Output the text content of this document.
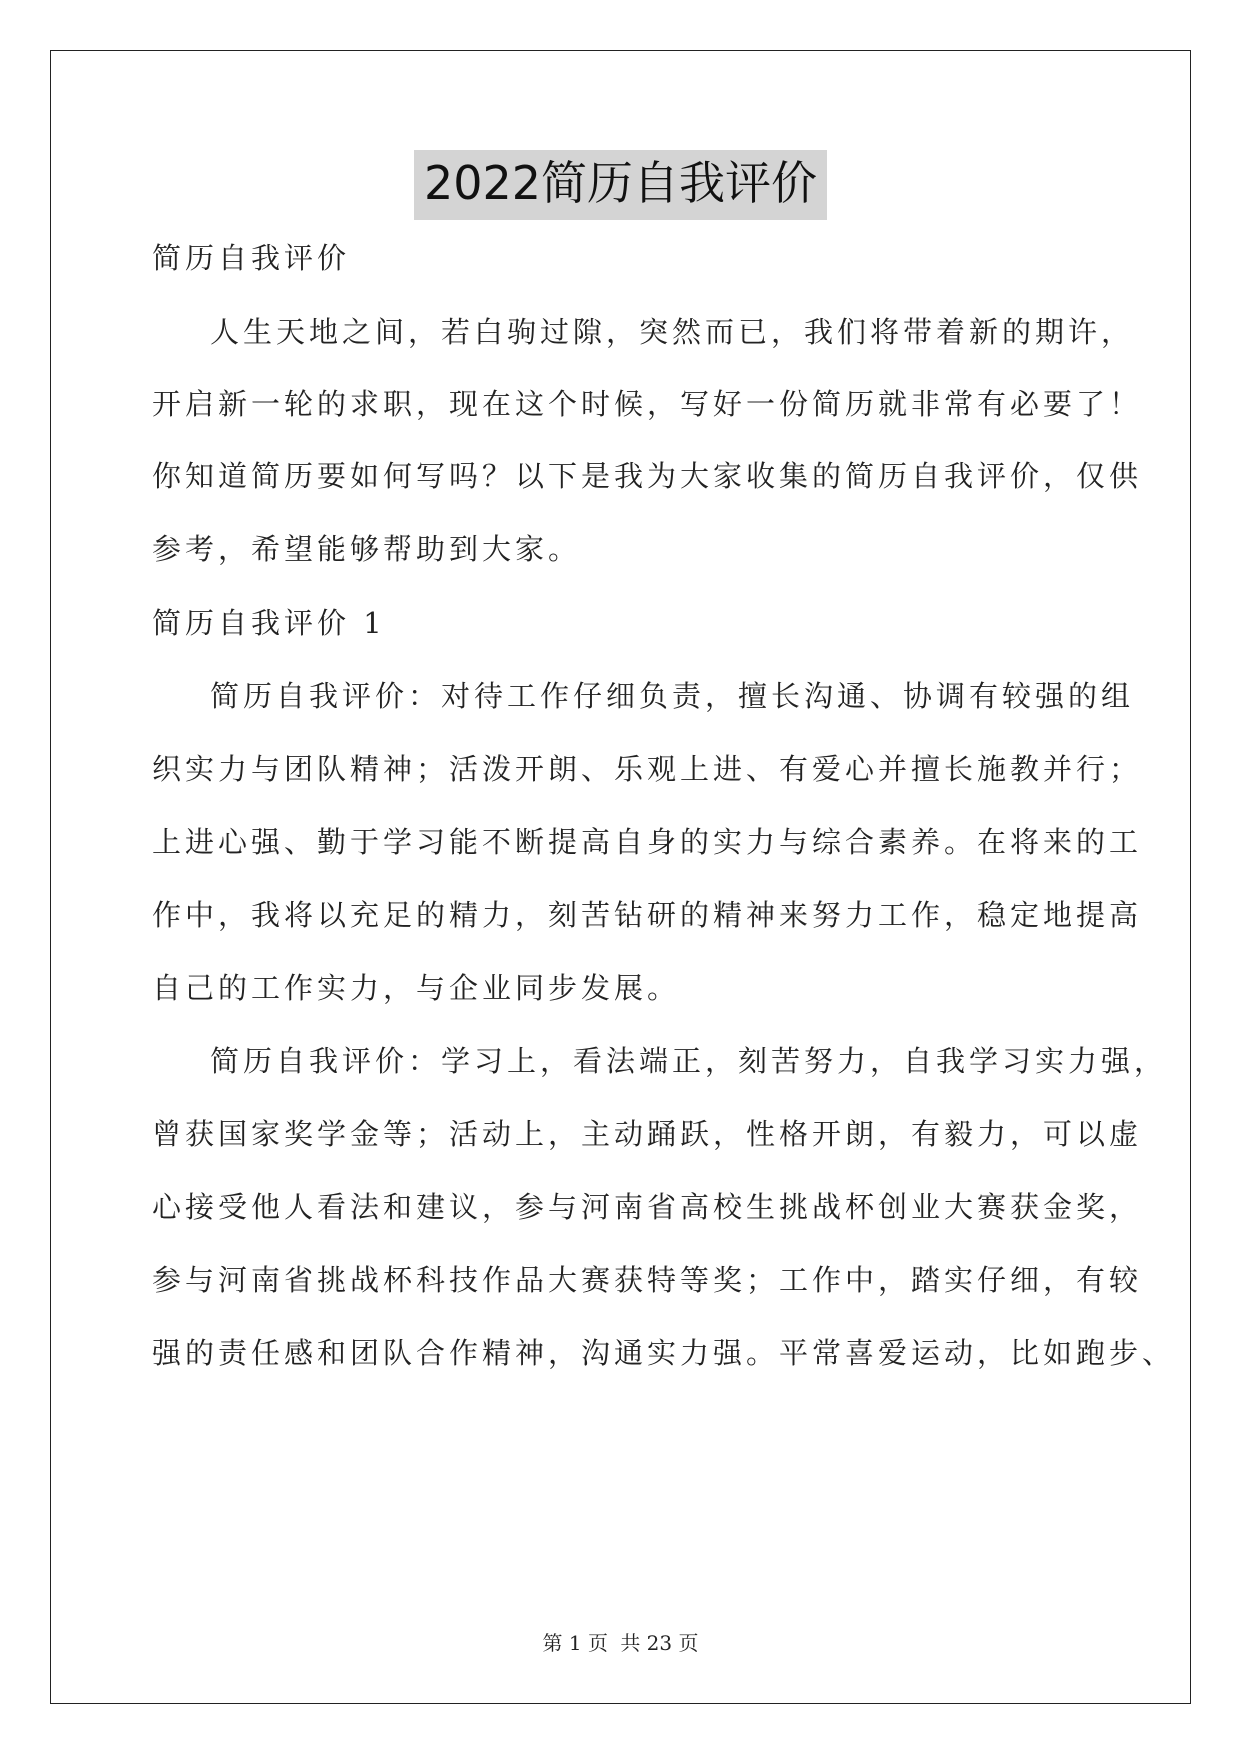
2022简历自我评价
简历自我评价
人生天地之间，若白驹过隙，突然而已，我们将带着新的期许，
开启新一轮的求职，现在这个时候，写好一份简历就非常有必要了！
你知道简历要如何写吗？以下是我为大家收集的简历自我评价，仅供
参考，希望能够帮助到大家。
简历自我评价 1
简历自我评价：对待工作仔细负责，擅长沟通、协调有较强的组
织实力与团队精神；活泼开朗、乐观上进、有爱心并擅长施教并行；
上进心强、勤于学习能不断提高自身的实力与综合素养。在将来的工
作中，我将以充足的精力，刻苦钻研的精神来努力工作，稳定地提高
自己的工作实力，与企业同步发展。
简历自我评价：学习上，看法端正，刻苦努力，自我学习实力强，
曾获国家奖学金等；活动上，主动踊跃，性格开朗，有毅力，可以虚
心接受他人看法和建议，参与河南省高校生挑战杯创业大赛获金奖，
参与河南省挑战杯科技作品大赛获特等奖；工作中，踏实仔细，有较
强的责任感和团队合作精神，沟通实力强。平常喜爱运动，比如跑步、
第 1 页 共 23 页
